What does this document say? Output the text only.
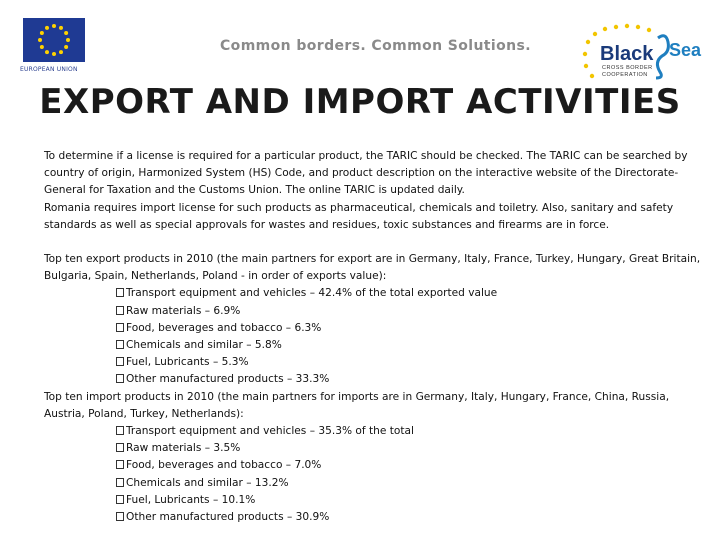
EUROPEAN UNION
Common borders. Common Solutions.	Black Sea
CROSS BORDER
COOPERATION
EXPORT AND IMPORT ACTIVITIES

To determine if a license is required for a particular product, the TARIC should be checked. The TARIC can be searched by country of origin, Harmonized System (HS) Code, and product description on the interactive website of the Directorate-General for Taxation and the Customs Union. The online TARIC is updated daily.

Romania requires import license for such products as pharmaceutical, chemicals and toiletry. Also, sanitary and safety standards as well as special approvals for wastes and residues, toxic substances and firearms are in force.

Top ten export products in 2010 (the main partners for export are in Germany, Italy, France, Turkey, Hungary, Great Britain, Bulgaria, Spain, Netherlands, Poland - in order of exports value):

Transport equipment and vehicles – 42.4% of the total exported value
Raw materials – 6.9%
Food, beverages and tobacco – 6.3%
Chemicals and similar – 5.8%
Fuel, Lubricants – 5.3%
Other manufactured products – 33.3%

Top ten import products in 2010 (the main partners for imports are in Germany, Italy, Hungary, France, China, Russia, Austria, Poland, Turkey, Netherlands):

Transport equipment and vehicles – 35.3% of the total
Raw materials – 3.5%
Food, beverages and tobacco – 7.0%
Chemicals and similar – 13.2%
Fuel, Lubricants – 10.1%
Other manufactured products – 30.9%
